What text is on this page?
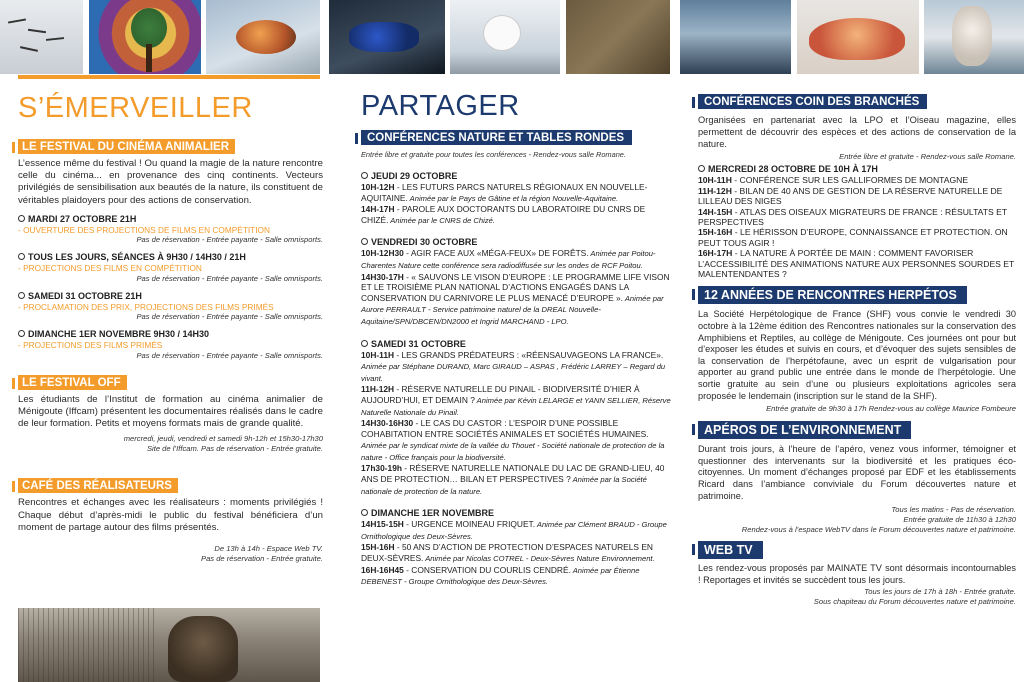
S’ÉMERVEILLER
LE FESTIVAL DU CINÉMA ANIMALIER
L’essence même du festival ! Ou quand la magie de la nature rencontre celle du cinéma... en provenance des cinq continents. Vecteurs privilégiés de sensibilisation aux beautés de la nature, ils constituent de véritables plaidoyers pour des actions de conservation.
MARDI 27 OCTOBRE 21H
- OUVERTURE DES PROJECTIONS DE FILMS EN COMPÉTITION
Pas de réservation - Entrée payante - Salle omnisports.
TOUS LES JOURS, SÉANCES À 9H30 / 14H30 / 21H
- PROJECTIONS DES FILMS EN COMPÉTITION
Pas de réservation - Entrée payante - Salle omnisports.
SAMEDI 31 OCTOBRE 21H
- PROCLAMATION DES PRIX, PROJECTIONS DES FILMS PRIMÉS
Pas de réservation - Entrée payante - Salle omnisports.
DIMANCHE 1ER NOVEMBRE 9H30 / 14H30
- PROJECTIONS DES FILMS PRIMÉS
Pas de réservation - Entrée payante - Salle omnisports.
LE FESTIVAL OFF
Les étudiants de l’Institut de formation au cinéma animalier de Ménigoute (Iffcam) présentent les documentaires réalisés dans le cadre de leur formation. Petits et moyens formats mais de grande qualité.
mercredi, jeudi, vendredi et samedi 9h-12h et 15h30-17h30
Site de l’Iffcam. Pas de réservation - Entrée gratuite.
CAFÉ DES RÉALISATEURS
Rencontres et échanges avec les réalisateurs : moments privilégiés ! Chaque début d’après-midi le public du festival bénéficiera d’un moment de partage autour des films présentés.
De 13h à 14h - Espace Web TV.
Pas de réservation - Entrée gratuite.
PARTAGER
CONFÉRENCES NATURE ET TABLES RONDES
Entrée libre et gratuite pour toutes les conférences - Rendez-vous salle Romane.
JEUDI 29 OCTOBRE
10H-12H - LES FUTURS PARCS NATURELS RÉGIONAUX EN NOUVELLE-AQUITAINE. Animée par le Pays de Gâtine et la région Nouvelle-Aquitaine.
14H-17H - PAROLE AUX DOCTORANTS DU LABORATOIRE DU CNRS DE CHIZÉ. Animée par le CNRS de Chizé.
VENDREDI 30 OCTOBRE
10H-12H30 - AGIR FACE AUX «MÉGA-FEUX» DE FORÊTS. Animée par Poitou-Charentes Nature cette conférence sera radiodiffusée sur les ondes de RCF Poitou.
14H30-17H - « SAUVONS LE VISON D’EUROPE : LE PROGRAMME LIFE VISON ET LE TROISIÈME PLAN NATIONAL D’ACTIONS ENGAGÉS DANS LA CONSERVATION DU CARNIVORE LE PLUS MENACÉ D’EUROPE ». Animée par Aurore PERRAULT - Service patrimoine naturel de la DREAL Nouvelle-Aquitaine/SPN/DBCEN/DN2000 et Ingrid MARCHAND - LPO.
SAMEDI 31 OCTOBRE
10H-11H - LES GRANDS PRÉDATEURS : «RÉENSAUVAGEONS LA FRANCE». Animée par Stéphane DURAND, Marc GIRAUD – ASPAS , Frédéric LARREY – Regard du vivant.
11H-12H - RÉSERVE NATURELLE DU PINAIL - BIODIVERSITÉ D’HIER À AUJOURD’HUI, ET DEMAIN ? Animée par Kévin LELARGE et YANN SELLIER, Réserve Naturelle Nationale du Pinail.
14H30-16H30 - LE CAS DU CASTOR : L’ESPOIR D’UNE POSSIBLE COHABITATION ENTRE SOCIÉTÉS ANIMALES ET SOCIÉTÉS HUMAINES. Animée par le syndicat mixte de la vallée du Thouet - Société nationale de protection de la nature - Office français pour la biodiversité.
17h30-19h - RÉSERVE NATURELLE NATIONALE DU LAC DE GRAND-LIEU, 40 ANS DE PROTECTION… BILAN ET PERSPECTIVES ? Animée par la Société nationale de protection de la nature.
DIMANCHE 1ER NOVEMBRE
14H15-15H - URGENCE MOINEAU FRIQUET. Animée par Clément BRAUD - Groupe Ornithologique des Deux-Sèvres.
15H-16H - 50 ANS D’ACTION DE PROTECTION D’ESPACES NATURELS EN DEUX-SÈVRES. Animée par Nicolas COTREL - Deux-Sèvres Nature Environnement.
16H-16H45 - CONSERVATION DU COURLIS CENDRÉ. Animée par Étienne DEBENEST - Groupe Ornithologique des Deux-Sèvres.
CONFÉRENCES COIN DES BRANCHÉS
Organisées en partenariat avec la LPO et l’Oiseau magazine, elles permettent de découvrir des espèces et des actions de conservation de la nature.
Entrée libre et gratuite - Rendez-vous salle Romane.
MERCREDI 28 OCTOBRE DE 10H À 17H
10H-11H - CONFÉRENCE SUR LES GALLIFORMES DE MONTAGNE
11H-12H - BILAN DE 40 ANS DE GESTION DE LA RÉSERVE NATURELLE DE LILLEAU DES NIGES
14H-15H - ATLAS DES OISEAUX MIGRATEURS DE FRANCE : RÉSULTATS ET PERSPECTIVES
15H-16H - LE HÉRISSON D’EUROPE, CONNAISSANCE ET PROTECTION. ON PEUT TOUS AGIR !
16H-17H - LA NATURE À PORTÉE DE MAIN : COMMENT FAVORISER L’ACCESSIBILITÉ DES ANIMATIONS NATURE AUX PERSONNES SOURDES ET MALENTENDANTES ?
12 ANNÉES DE RENCONTRES HERPÉTOS
La Société Herpétologique de France (SHF) vous convie le vendredi 30 octobre à la 12ème édition des Rencontres nationales sur la conservation des Amphibiens et Reptiles, au collège de Ménigoute. Ces journées ont pour but d’exposer les études et suivis en cours, et d’évoquer des sujets sensibles de la conservation de l’herpétofaune, avec un esprit de vulgarisation pour apporter au grand public une entrée dans le monde de l’herpétologie. Une sortie gratuite au sein d’une ou plusieurs exploitations agricoles sera proposée le lendemain (inscription sur le stand de la SHF).
Entrée gratuite de 9h30 à 17h Rendez-vous au collège Maurice Fombeure
APÉROS DE L’ENVIRONNEMENT
Durant trois jours, à l’heure de l’apéro, venez vous informer, témoigner et questionner des intervenants sur la biodiversité et les pratiques éco-citoyennes. Un moment d’échanges proposé par EDF et les établissements Ricard dans l’ambiance conviviale du Forum découvertes nature et patrimoine.
Tous les matins - Pas de réservation.
Entrée gratuite de 11h30 à 12h30
Rendez-vous à l’espace WebTV dans le Forum découvertes nature et patrimoine.
WEB TV
Les rendez-vous proposés par MAINATE TV sont désormais incontournables ! Reportages et invités se succèdent tous les jours.
Tous les jours de 17h à 18h - Entrée gratuite.
Sous chapiteau du Forum découvertes nature et patrimoine.
